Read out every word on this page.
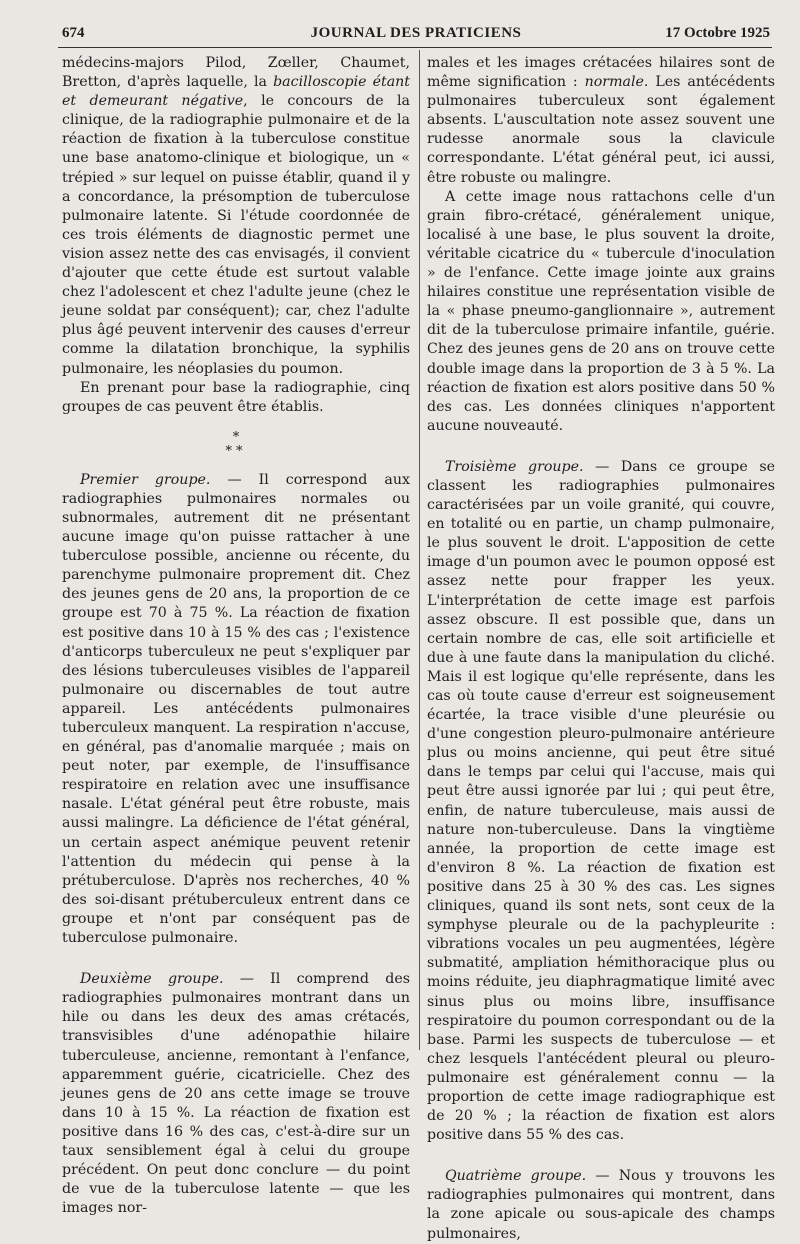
674	JOURNAL DES PRATICIENS	17 Octobre 1925

médecins-majors Pilod, Zœller, Chaumet, Bretton, d'après laquelle, la bacilloscopie étant et demeurant négative, le concours de la clinique, de la radiographie pulmonaire et de la réaction de fixation à la tuberculose constitue une base anatomo-clinique et biologique, un « trépied » sur lequel on puisse établir, quand il y a concordance, la présomption de tuberculose pulmonaire latente. Si l'étude coordonnée de ces trois éléments de diagnostic permet une vision assez nette des cas envisagés, il convient d'ajouter que cette étude est surtout valable chez l'adolescent et chez l'adulte jeune (chez le jeune soldat par conséquent); car, chez l'adulte plus âgé peuvent intervenir des causes d'erreur comme la dilatation bronchique, la syphilis pulmonaire, les néoplasies du poumon.

En prenant pour base la radiographie, cinq groupes de cas peuvent être établis.

*
**

Premier groupe. — Il correspond aux radiographies pulmonaires normales ou subnormales, autrement dit ne présentant aucune image qu'on puisse rattacher à une tuberculose possible, ancienne ou récente, du parenchyme pulmonaire proprement dit. Chez des jeunes gens de 20 ans, la proportion de ce groupe est 70 à 75 %. La réaction de fixation est positive dans 10 à 15 % des cas ; l'existence d'anticorps tuberculeux ne peut s'expliquer par des lésions tuberculeuses visibles de l'appareil pulmonaire ou discernables de tout autre appareil. Les antécédents pulmonaires tuberculeux manquent. La respiration n'accuse, en général, pas d'anomalie marquée ; mais on peut noter, par exemple, de l'insuffisance respiratoire en relation avec une insuffisance nasale. L'état général peut être robuste, mais aussi malingre. La déficience de l'état général, un certain aspect anémique peuvent retenir l'attention du médecin qui pense à la prétuberculose. D'après nos recherches, 40 % des soi-disant prétuberculeux entrent dans ce groupe et n'ont par conséquent pas de tuberculose pulmonaire.

Deuxième groupe. — Il comprend des radiographies pulmonaires montrant dans un hile ou dans les deux des amas crétacés, transvisibles d'une adénopathie hilaire tuberculeuse, ancienne, remontant à l'enfance, apparemment guérie, cicatricielle. Chez des jeunes gens de 20 ans cette image se trouve dans 10 à 15 %. La réaction de fixation est positive dans 16 % des cas, c'est-à-dire sur un taux sensiblement égal à celui du groupe précédent. On peut donc conclure — du point de vue de la tuberculose latente — que les images nor-

males et les images crétacées hilaires sont de même signification : normale. Les antécédents pulmonaires tuberculeux sont également absents. L'auscultation note assez souvent une rudesse anormale sous la clavicule correspondante. L'état général peut, ici aussi, être robuste ou malingre.

A cette image nous rattachons celle d'un grain fibro-crétacé, généralement unique, localisé à une base, le plus souvent la droite, véritable cicatrice du « tubercule d'inoculation » de l'enfance. Cette image jointe aux grains hilaires constitue une représentation visible de la « phase pneumo-ganglionnaire », autrement dit de la tuberculose primaire infantile, guérie. Chez des jeunes gens de 20 ans on trouve cette double image dans la proportion de 3 à 5 %. La réaction de fixation est alors positive dans 50 % des cas. Les données cliniques n'apportent aucune nouveauté.

Troisième groupe. — Dans ce groupe se classent les radiographies pulmonaires caractérisées par un voile granité, qui couvre, en totalité ou en partie, un champ pulmonaire, le plus souvent le droit. L'apposition de cette image d'un poumon avec le poumon opposé est assez nette pour frapper les yeux. L'interprétation de cette image est parfois assez obscure. Il est possible que, dans un certain nombre de cas, elle soit artificielle et due à une faute dans la manipulation du cliché. Mais il est logique qu'elle représente, dans les cas où toute cause d'erreur est soigneusement écartée, la trace visible d'une pleurésie ou d'une congestion pleuro-pulmonaire antérieure plus ou moins ancienne, qui peut être situé dans le temps par celui qui l'accuse, mais qui peut être aussi ignorée par lui ; qui peut être, enfin, de nature tuberculeuse, mais aussi de nature non-tuberculeuse. Dans la vingtième année, la proportion de cette image est d'environ 8 %. La réaction de fixation est positive dans 25 à 30 % des cas. Les signes cliniques, quand ils sont nets, sont ceux de la symphyse pleurale ou de la pachypleurite : vibrations vocales un peu augmentées, légère submatité, ampliation hémithoracique plus ou moins réduite, jeu diaphragmatique limité avec sinus plus ou moins libre, insuffisance respiratoire du poumon correspondant ou de la base. Parmi les suspects de tuberculose — et chez lesquels l'antécédent pleural ou pleuro-pulmonaire est généralement connu — la proportion de cette image radiographique est de 20 % ; la réaction de fixation est alors positive dans 55 % des cas.

Quatrième groupe. — Nous y trouvons les radiographies pulmonaires qui montrent, dans la zone apicale ou sous-apicale des champs pulmonaires,
